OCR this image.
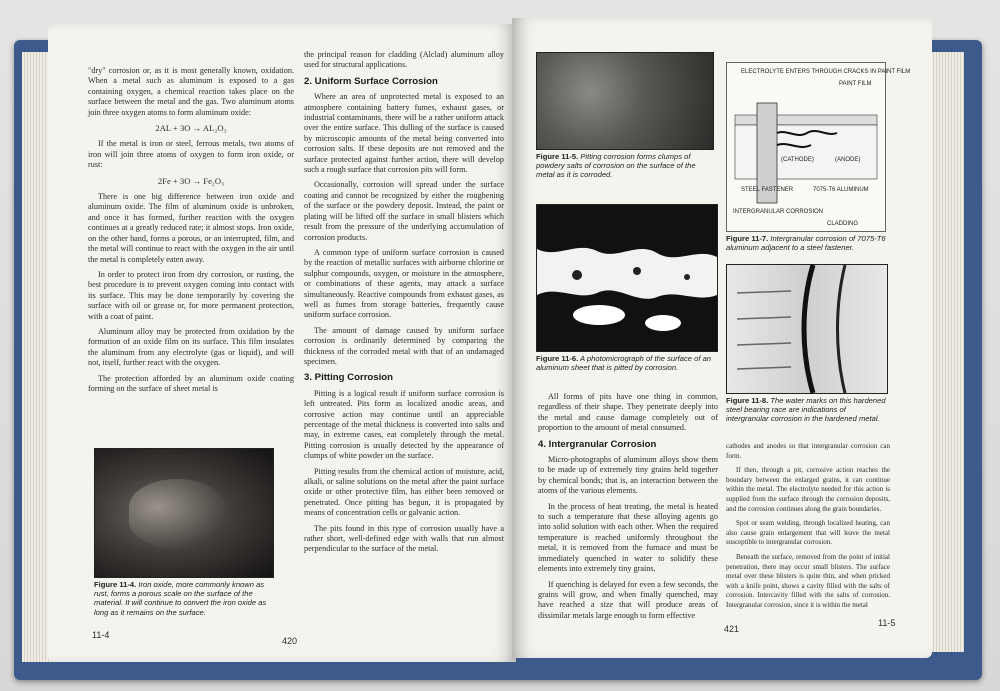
"dry" corrosion or, as it is most generally known, oxidation. When a metal such as aluminum is exposed to a gas containing oxygen, a chemical reaction takes place on the surface between the metal and the gas. Two aluminum atoms join three oxygen atoms to form aluminum oxide:

2AL + 3O → AL₂O₃

If the metal is iron or steel, ferrous metals, two atoms of iron will join three atoms of oxygen to form iron oxide, or rust:

2Fe + 3O → Fe₂O₃

There is one big difference between iron oxide and aluminum oxide. The film of aluminum oxide is unbroken, and once it has formed, further reaction with the oxygen continues at a greatly reduced rate; it almost stops. Iron oxide, on the other hand, forms a porous, or an interrupted, film, and the metal will continue to react with the oxygen in the air until the metal is completely eaten away.

In order to protect iron from dry corrosion, or rusting, the best procedure is to prevent oxygen coming into contact with its surface. This may be done temporarily by covering the surface with oil or grease or, for more permanent protection, with a coat of paint.

Aluminum alloy may be protected from oxidation by the formation of an oxide film on its surface. This film insulates the aluminum from any electrolyte (gas or liquid), and will not, itself, further react with the oxygen.

The protection afforded by an aluminum oxide coating forming on the surface of sheet metal is

Figure 11-4. Iron oxide, more commonly known as rust, forms a porous scale on the surface of the material. It will continue to convert the iron oxide as long as it remains on the surface.

the principal reason for cladding (Alclad) aluminum alloy used for structural applications.

2. Uniform Surface Corrosion

Where an area of unprotected metal is exposed to an atmosphere containing battery fumes, exhaust gases, or industrial contaminants, there will be a rather uniform attack over the entire surface. This dulling of the surface is caused by microscopic amounts of the metal being converted into corrosion salts. If these deposits are not removed and the surface protected against further action, there will develop such a rough surface that corrosion pits will form.

Occasionally, corrosion will spread under the surface coating and cannot be recognized by either the roughening of the surface or the powdery deposit. Instead, the paint or plating will be lifted off the surface in small blisters which result from the pressure of the underlying accumulation of corrosion products.

A common type of uniform surface corrosion is caused by the reaction of metallic surfaces with airborne chlorine or sulphur compounds, oxygen, or moisture in the atmosphere, or combinations of these agents, may attack a surface simultaneously. Reactive compounds from exhaust gases, as well as fumes from storage batteries, frequently cause uniform surface corrosion.

The amount of damage caused by uniform surface corrosion is ordinarily determined by comparing the thickness of the corroded metal with that of an undamaged specimen.

3. Pitting Corrosion

Pitting is a logical result if uniform surface corrosion is left untreated. Pits form as localized anodic areas, and corrosive action may continue until an appreciable percentage of the metal thickness is converted into salts and may, in extreme cases, eat completely through the metal. Pitting corrosion is usually detected by the appearance of clumps of white powder on the surface.

Pitting results from the chemical action of moisture, acid, alkali, or saline solutions on the metal after the paint surface oxide or other protective film, has either been removed or penetrated. Once pitting has begun, it is propagated by means of concentration cells or galvanic action.

The pits found in this type of corrosion usually have a rather short, well-defined edge with walls that run almost perpendicular to the surface of the metal.

11-4
420
Figure 11-5. Pitting corrosion forms clumps of powdery salts of corrosion on the surface of the metal as it is corroded.
Figure 11-6. A photomicrograph of the surface of an aluminum sheet that is pitted by corrosion.
ELECTROLYTE ENTERS THROUGH CRACKS IN PAINT FILM
PAINT FILM
(CATHODE)	(ANODE)
STEEL FASTENER	7075-T6 ALUMINUM
INTERGRANULAR CORROSION
CLADDING
Figure 11-7. Intergranular corrosion of 7075-T6 aluminum adjacent to a steel fastener.
Figure 11-8. The water marks on this hardened steel bearing race are indications of intergranular corrosion in the hardened metal.

All forms of pits have one thing in common, regardless of their shape. They penetrate deeply into the metal and cause damage completely out of proportion to the amount of metal consumed.

4. Intergranular Corrosion

Micro-photographs of aluminum alloys show them to be made up of extremely tiny grains held together by chemical bonds; that is, an interaction between the atoms of the various elements.

In the process of heat treating, the metal is heated to such a temperature that these alloying agents go into solid solution with each other. When the required temperature is reached uniformly throughout the metal, it is removed from the furnace and must be immediately quenched in water to solidify these elements into extremely tiny grains.

If quenching is delayed for even a few seconds, the grains will grow, and when finally quenched, may have reached a size that will produce areas of dissimilar metals large enough to form effective

cathodes and anodes so that intergranular corrosion can form.

If then, through a pit, corrosive action reaches the boundary between the enlarged grains, it can continue within the metal. The electrolyte needed for this action is supplied from the surface through the corrosion deposits, and the corrosion continues along the grain boundaries.

Spot or seam welding, through localized heating, can also cause grain enlargement that will leave the metal susceptible to intergranular corrosion.

Beneath the surface, removed from the point of initial penetration, there may occur small blisters. The surface metal over these blisters is quite thin, and when pricked with a knife point, shows a cavity filled with the salts of corrosion. Intercavity filled with the salts of corrosion. Intergranular corrosion, since it is within the metal

421
11-5
